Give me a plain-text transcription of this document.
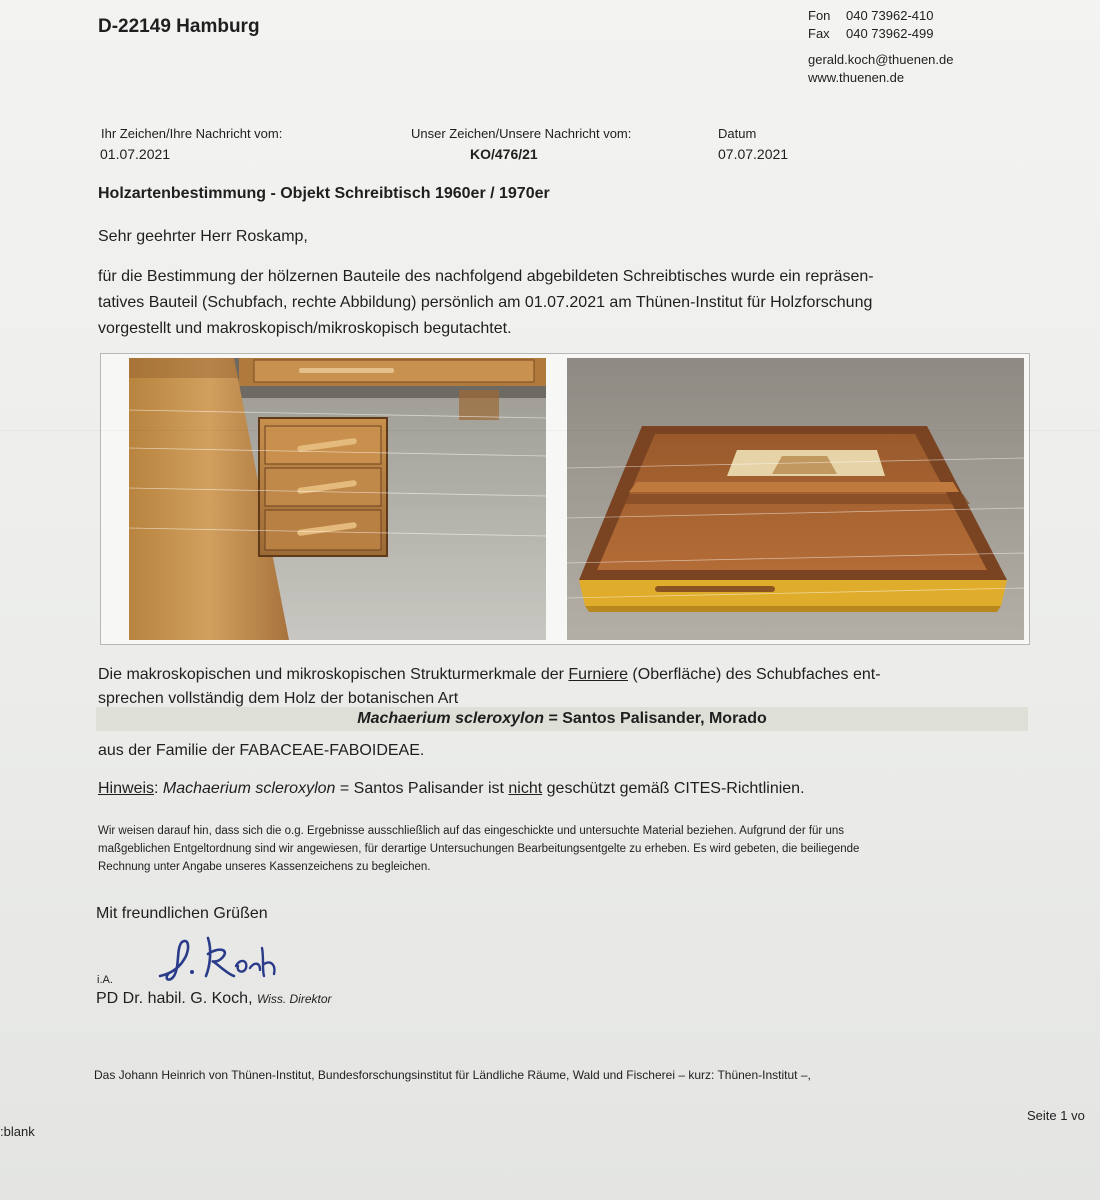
D-22149 Hamburg
Fon 040 73962-410
Fax 040 73962-499
gerald.koch@thuenen.de
www.thuenen.de
Ihr Zeichen/Ihre Nachricht vom:
01.07.2021
Unser Zeichen/Unsere Nachricht vom:
KO/476/21
Datum
07.07.2021
Holzartenbestimmung - Objekt Schreibtisch 1960er / 1970er
Sehr geehrter Herr Roskamp,
für die Bestimmung der hölzernen Bauteile des nachfolgend abgebildeten Schreibtisches wurde ein repräsen-
tatives Bauteil (Schubfach, rechte Abbildung) persönlich am 01.07.2021 am Thünen-Institut für Holzforschung
vorgestellt und makroskopisch/mikroskopisch begutachtet.
Die makroskopischen und mikroskopischen Strukturmerkmale der Furniere (Oberfläche) des Schubfaches ent-
sprechen vollständig dem Holz der botanischen Art
Machaerium scleroxylon = Santos Palisander, Morado
aus der Familie der FABACEAE-FABOIDEAE.
Hinweis: Machaerium scleroxylon = Santos Palisander ist nicht geschützt gemäß CITES-Richtlinien.
Wir weisen darauf hin, dass sich die o.g. Ergebnisse ausschließlich auf das eingeschickte und untersuchte Material beziehen. Aufgrund der für uns
maßgeblichen Entgeltordnung sind wir angewiesen, für derartige Untersuchungen Bearbeitungsentgelte zu erheben. Es wird gebeten, die beiliegende
Rechnung unter Angabe unseres Kassenzeichens zu begleichen.
Mit freundlichen Grüßen
i.A.
PD Dr. habil. G. Koch, Wiss. Direktor
Das Johann Heinrich von Thünen-Institut, Bundesforschungsinstitut für Ländliche Räume, Wald und Fischerei – kurz: Thünen-Institut –,
:blank
Seite 1 vo
